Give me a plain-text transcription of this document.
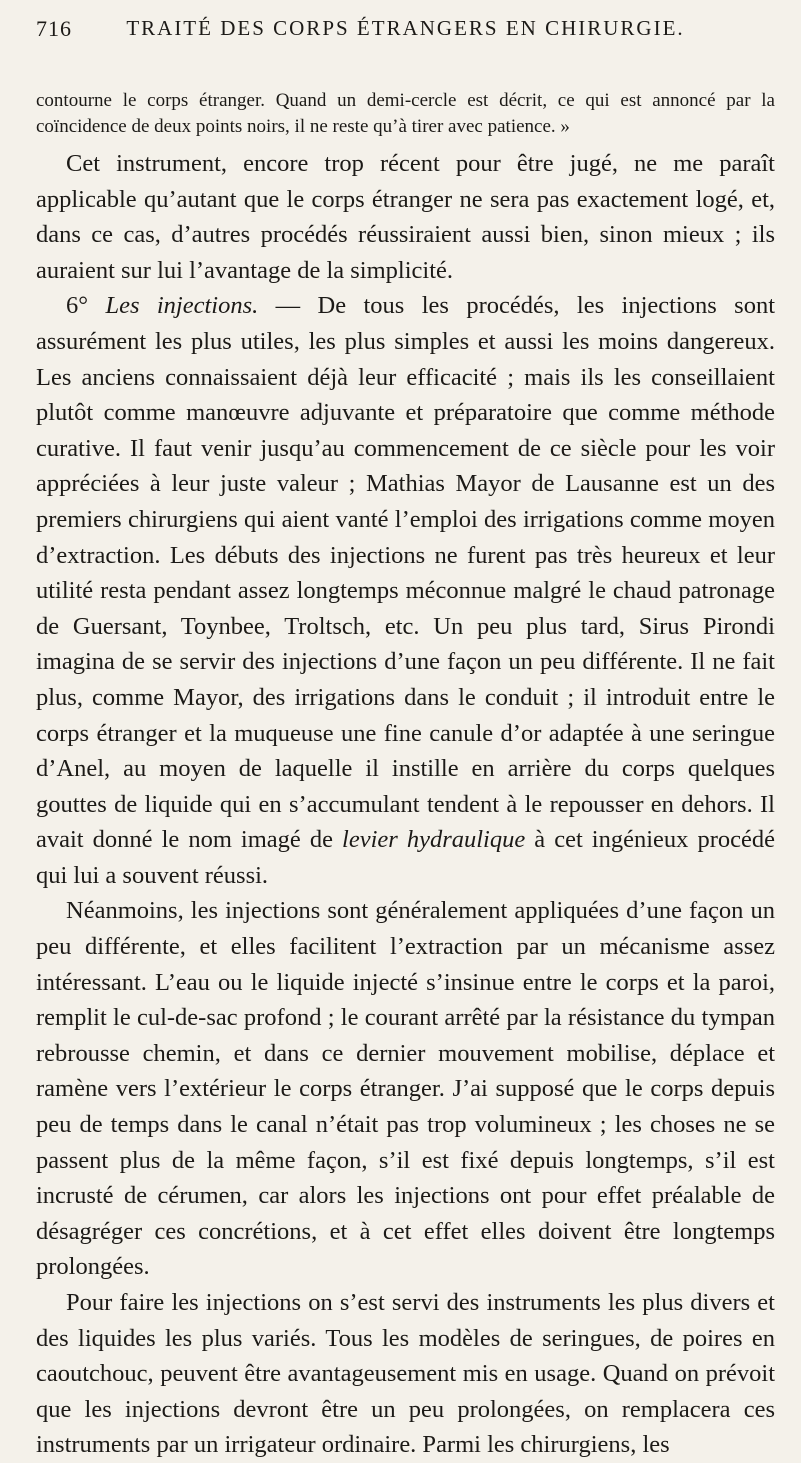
716	TRAITÉ DES CORPS ÉTRANGERS EN CHIRURGIE.
contourne le corps étranger. Quand un demi-cercle est décrit, ce qui est annoncé par la coïncidence de deux points noirs, il ne reste qu’à tirer avec patience. »

Cet instrument, encore trop récent pour être jugé, ne me paraît applicable qu’autant que le corps étranger ne sera pas exactement logé, et, dans ce cas, d’autres procédés réussiraient aussi bien, sinon mieux ; ils auraient sur lui l’avantage de la simplicité.

6° Les injections. — De tous les procédés, les injections sont assurément les plus utiles, les plus simples et aussi les moins dangereux. Les anciens connaissaient déjà leur efficacité ; mais ils les conseillaient plutôt comme manœuvre adjuvante et préparatoire que comme méthode curative. Il faut venir jusqu’au commencement de ce siècle pour les voir appréciées à leur juste valeur ; Mathias Mayor de Lausanne est un des premiers chirurgiens qui aient vanté l’emploi des irrigations comme moyen d’extraction. Les débuts des injections ne furent pas très heureux et leur utilité resta pendant assez longtemps méconnue malgré le chaud patronage de Guersant, Toynbee, Troltsch, etc. Un peu plus tard, Sirus Pirondi imagina de se servir des injections d’une façon un peu différente. Il ne fait plus, comme Mayor, des irrigations dans le conduit ; il introduit entre le corps étranger et la muqueuse une fine canule d’or adaptée à une seringue d’Anel, au moyen de laquelle il instille en arrière du corps quelques gouttes de liquide qui en s’accumulant tendent à le repousser en dehors. Il avait donné le nom imagé de levier hydraulique à cet ingénieux procédé qui lui a souvent réussi.

Néanmoins, les injections sont généralement appliquées d’une façon un peu différente, et elles facilitent l’extraction par un mécanisme assez intéressant. L’eau ou le liquide injecté s’insinue entre le corps et la paroi, remplit le cul-de-sac profond ; le courant arrêté par la résistance du tympan rebrousse chemin, et dans ce dernier mouvement mobilise, déplace et ramène vers l’extérieur le corps étranger. J’ai supposé que le corps depuis peu de temps dans le canal n’était pas trop volumineux ; les choses ne se passent plus de la même façon, s’il est fixé depuis longtemps, s’il est incrusté de cérumen, car alors les injections ont pour effet préalable de désagréger ces concrétions, et à cet effet elles doivent être longtemps prolongées.

Pour faire les injections on s’est servi des instruments les plus divers et des liquides les plus variés. Tous les modèles de seringues, de poires en caoutchouc, peuvent être avantageusement mis en usage. Quand on prévoit que les injections devront être un peu prolongées, on remplacera ces instruments par un irrigateur ordinaire. Parmi les chirurgiens, les
